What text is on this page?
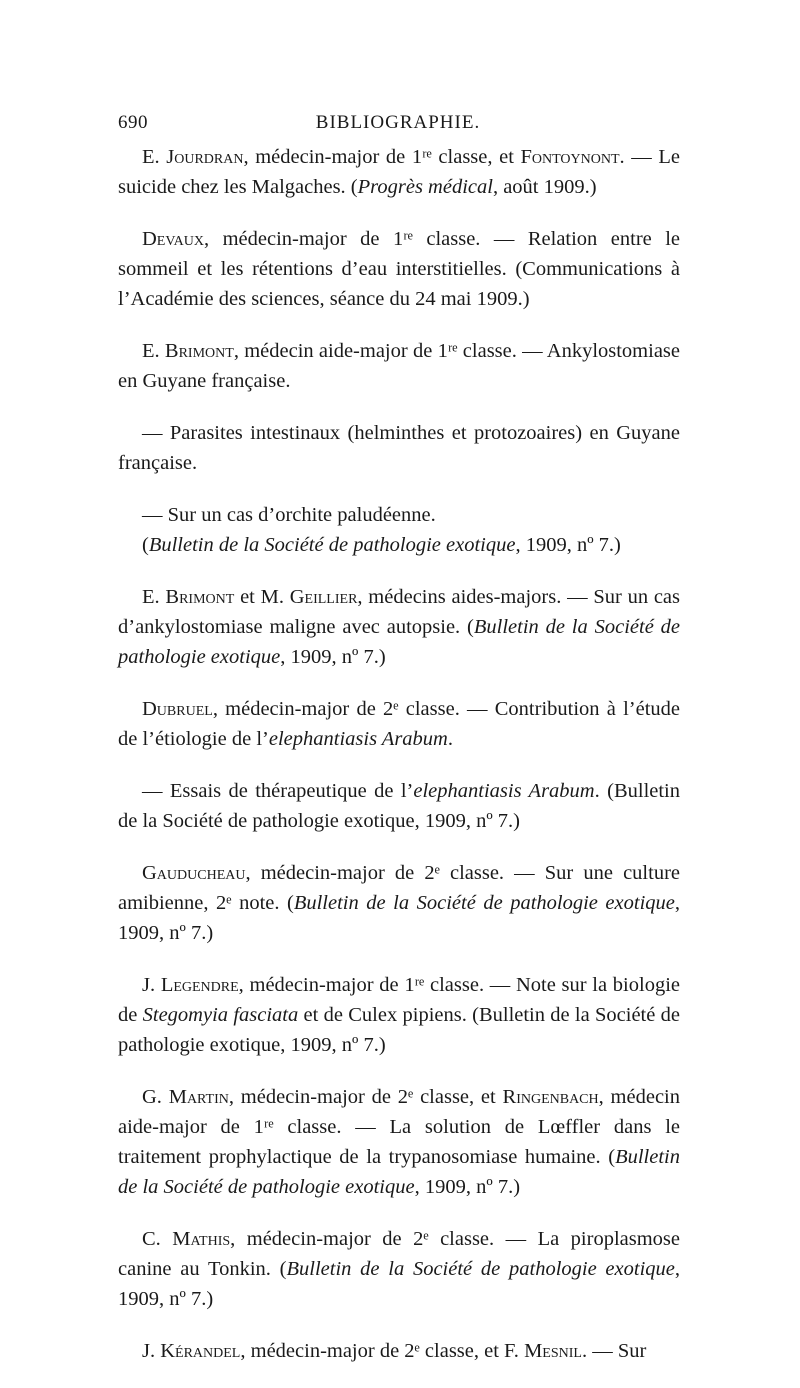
690	BIBLIOGRAPHIE.

E. Jourdran, médecin-major de 1ʳᵉ classe, et Fontoynont. — Le suicide chez les Malgaches. (Progrès médical, août 1909.)

Devaux, médecin-major de 1ʳᵉ classe. — Relation entre le sommeil et les rétentions d’eau interstitielles. (Communications à l’Académie des sciences, séance du 24 mai 1909.)

E. Brimont, médecin aide-major de 1ʳᵉ classe. — Ankylostomiase en Guyane française.

— Parasites intestinaux (helminthes et protozoaires) en Guyane française.

— Sur un cas d’orchite paludéenne.

(Bulletin de la Société de pathologie exotique, 1909, nº 7.)

E. Brimont et M. Geillier, médecins aides-majors. — Sur un cas d’ankylostomiase maligne avec autopsie. (Bulletin de la Société de pathologie exotique, 1909, nº 7.)

Dubruel, médecin-major de 2ᵉ classe. — Contribution à l’étude de l’étiologie de l’elephantiasis Arabum.

— Essais de thérapeutique de l’elephantiasis Arabum. (Bulletin de la Société de pathologie exotique, 1909, nº 7.)

Gauducheau, médecin-major de 2ᵉ classe. — Sur une culture amibienne, 2ᵉ note. (Bulletin de la Société de pathologie exotique, 1909, nº 7.)

J. Legendre, médecin-major de 1ʳᵉ classe. — Note sur la biologie de Stegomyia fasciata et de Culex pipiens. (Bulletin de la Société de pathologie exotique, 1909, nº 7.)

G. Martin, médecin-major de 2ᵉ classe, et Ringenbach, médecin aide-major de 1ʳᵉ classe. — La solution de Lœffler dans le traitement prophylactique de la trypanosomiase humaine. (Bulletin de la Société de pathologie exotique, 1909, nº 7.)

C. Mathis, médecin-major de 2ᵉ classe. — La piroplasmose canine au Tonkin. (Bulletin de la Société de pathologie exotique, 1909, nº 7.)

J. Kérandel, médecin-major de 2ᵉ classe, et F. Mesnil. — Sur
